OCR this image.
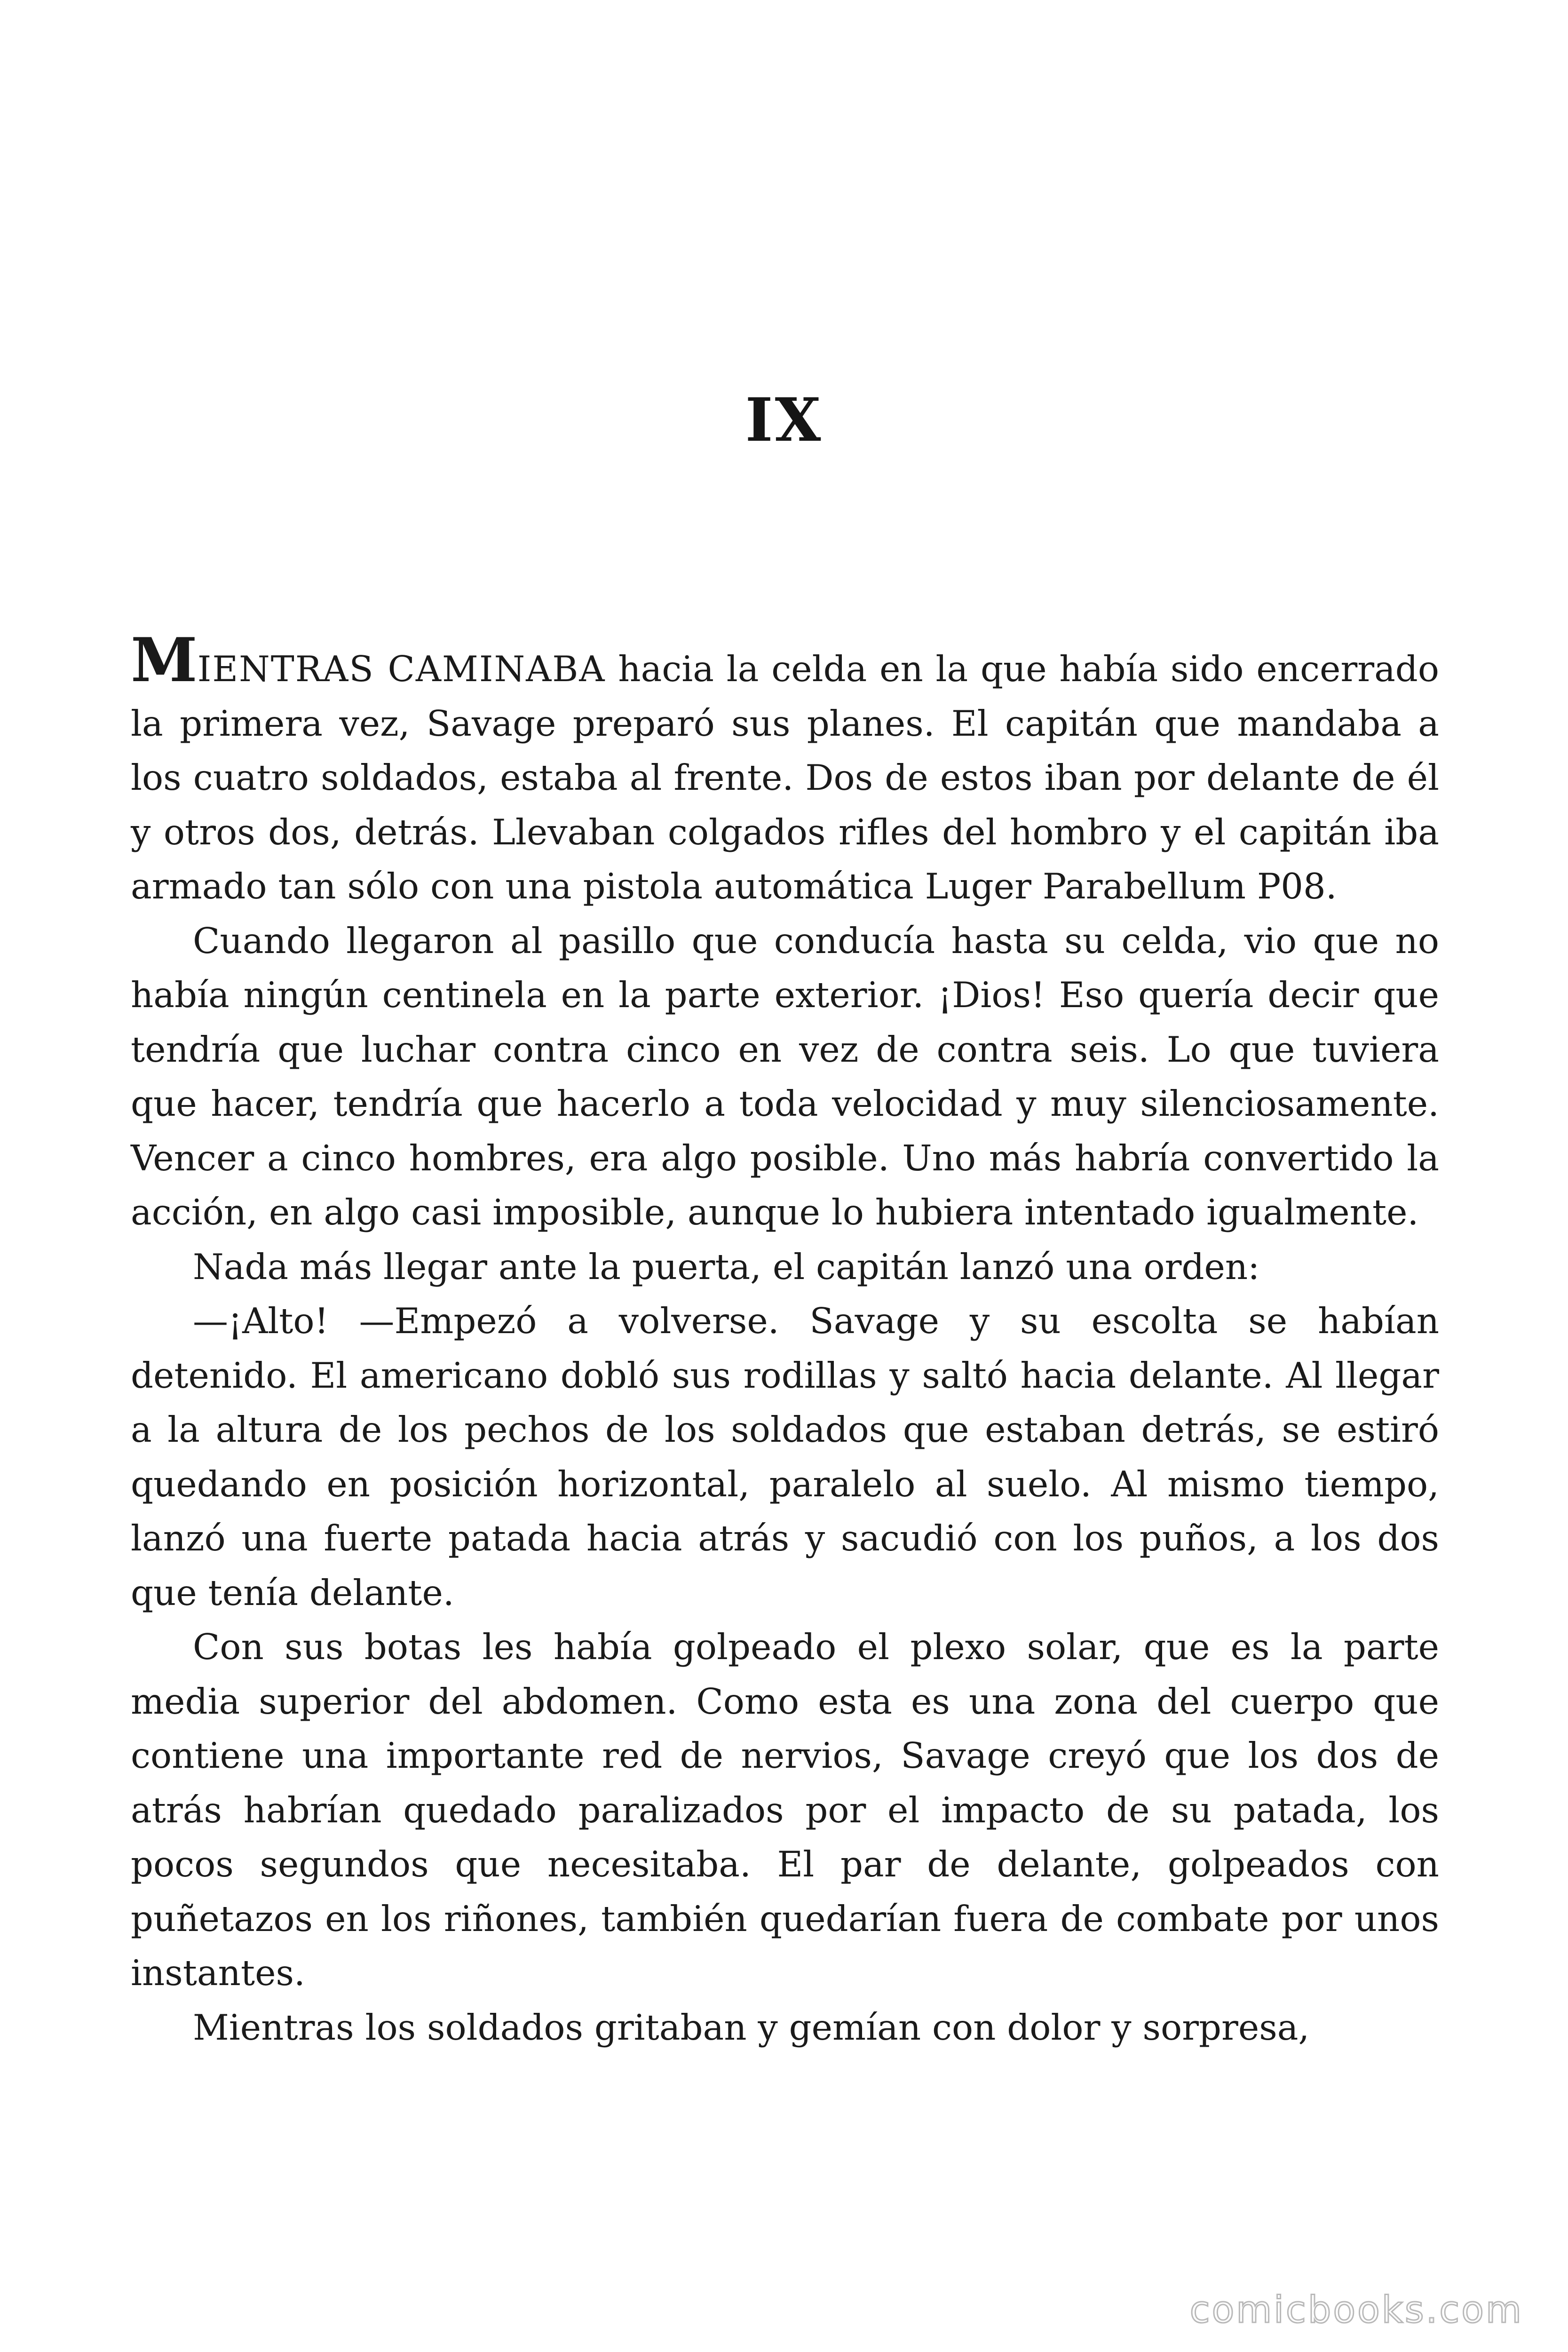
IX

MIENTRAS CAMINABA hacia la celda en la que había sido encerrado la primera vez, Savage preparó sus planes. El capitán que mandaba a los cuatro soldados, estaba al frente. Dos de estos iban por delante de él y otros dos, detrás. Llevaban colgados rifles del hombro y el capitán iba armado tan sólo con una pistola automática Luger Parabellum P08.

Cuando llegaron al pasillo que conducía hasta su celda, vio que no había ningún centinela en la parte exterior. ¡Dios! Eso quería decir que tendría que luchar contra cinco en vez de contra seis. Lo que tuviera que hacer, tendría que hacerlo a toda velocidad y muy silenciosamente. Vencer a cinco hombres, era algo posible. Uno más habría convertido la acción, en algo casi imposible, aunque lo hubiera intentado igualmente.

Nada más llegar ante la puerta, el capitán lanzó una orden:

—¡Alto! —Empezó a volverse. Savage y su escolta se habían detenido. El americano dobló sus rodillas y saltó hacia delante. Al llegar a la altura de los pechos de los soldados que estaban detrás, se estiró quedando en posición horizontal, paralelo al suelo. Al mismo tiempo, lanzó una fuerte patada hacia atrás y sacudió con los puños, a los dos que tenía delante.

Con sus botas les había golpeado el plexo solar, que es la parte media superior del abdomen. Como esta es una zona del cuerpo que contiene una importante red de nervios, Savage creyó que los dos de atrás habrían quedado paralizados por el impacto de su patada, los pocos segundos que necesitaba. El par de delante, golpeados con puñetazos en los riñones, también quedarían fuera de combate por unos instantes.

Mientras los soldados gritaban y gemían con dolor y sorpresa,

comicbooks.com
